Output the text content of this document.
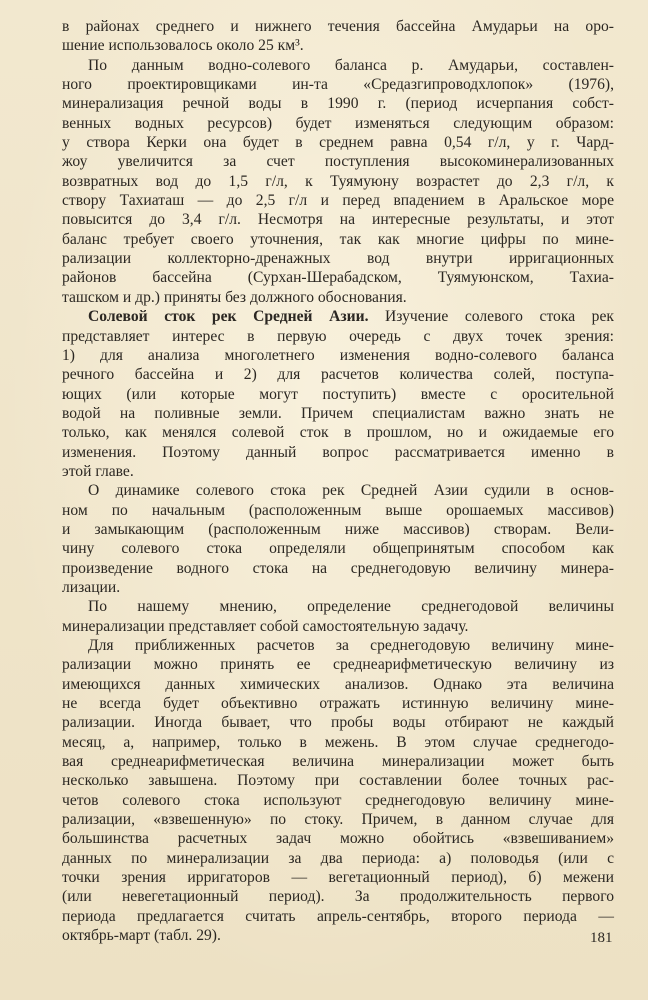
в районах среднего и нижнего течения бассейна Амударьи на оро-
шение использовалось около 25 км³.
По данным водно-солевого баланса р. Амударьи, составлен-
ного проектировщиками ин-та «Средазгипроводхлопок» (1976),
минерализация речной воды в 1990 г. (период исчерпания собст-
венных водных ресурсов) будет изменяться следующим образом:
у створа Керки она будет в среднем равна 0,54 г/л, у г. Чард-
жоу увеличится за счет поступления высокоминерализованных
возвратных вод до 1,5 г/л, к Туямуюну возрастет до 2,3 г/л, к
створу Тахиаташ — до 2,5 г/л и перед впадением в Аральское море
повысится до 3,4 г/л. Несмотря на интересные результаты, и этот
баланс требует своего уточнения, так как многие цифры по мине-
рализации коллекторно-дренажных вод внутри ирригационных
районов бассейна (Сурхан-Шерабадском, Туямуюнском, Тахиа-
ташском и др.) приняты без должного обоснования.
Солевой сток рек Средней Азии. Изучение солевого стока рек
представляет интерес в первую очередь с двух точек зрения:
1) для анализа многолетнего изменения водно-солевого баланса
речного бассейна и 2) для расчетов количества солей, поступа-
ющих (или которые могут поступить) вместе с оросительной
водой на поливные земли. Причем специалистам важно знать не
только, как менялся солевой сток в прошлом, но и ожидаемые его
изменения. Поэтому данный вопрос рассматривается именно в
этой главе.
О динамике солевого стока рек Средней Азии судили в основ-
ном по начальным (расположенным выше орошаемых массивов)
и замыкающим (расположенным ниже массивов) створам. Вели-
чину солевого стока определяли общепринятым способом как
произведение водного стока на среднегодовую величину минера-
лизации.
По нашему мнению, определение среднегодовой величины
минерализации представляет собой самостоятельную задачу.
Для приближенных расчетов за среднегодовую величину мине-
рализации можно принять ее среднеарифметическую величину из
имеющихся данных химических анализов. Однако эта величина
не всегда будет объективно отражать истинную величину мине-
рализации. Иногда бывает, что пробы воды отбирают не каждый
месяц, а, например, только в межень. В этом случае среднегодо-
вая среднеарифметическая величина минерализации может быть
несколько завышена. Поэтому при составлении более точных рас-
четов солевого стока используют среднегодовую величину мине-
рализации, «взвешенную» по стоку. Причем, в данном случае для
большинства расчетных задач можно обойтись «взвешиванием»
данных по минерализации за два периода: а) половодья (или с
точки зрения ирригаторов — вегетационный период), б) межени
(или невегетационный период). За продолжительность первого
периода предлагается считать апрель-сентябрь, второго периода —
октябрь-март (табл. 29).	181
